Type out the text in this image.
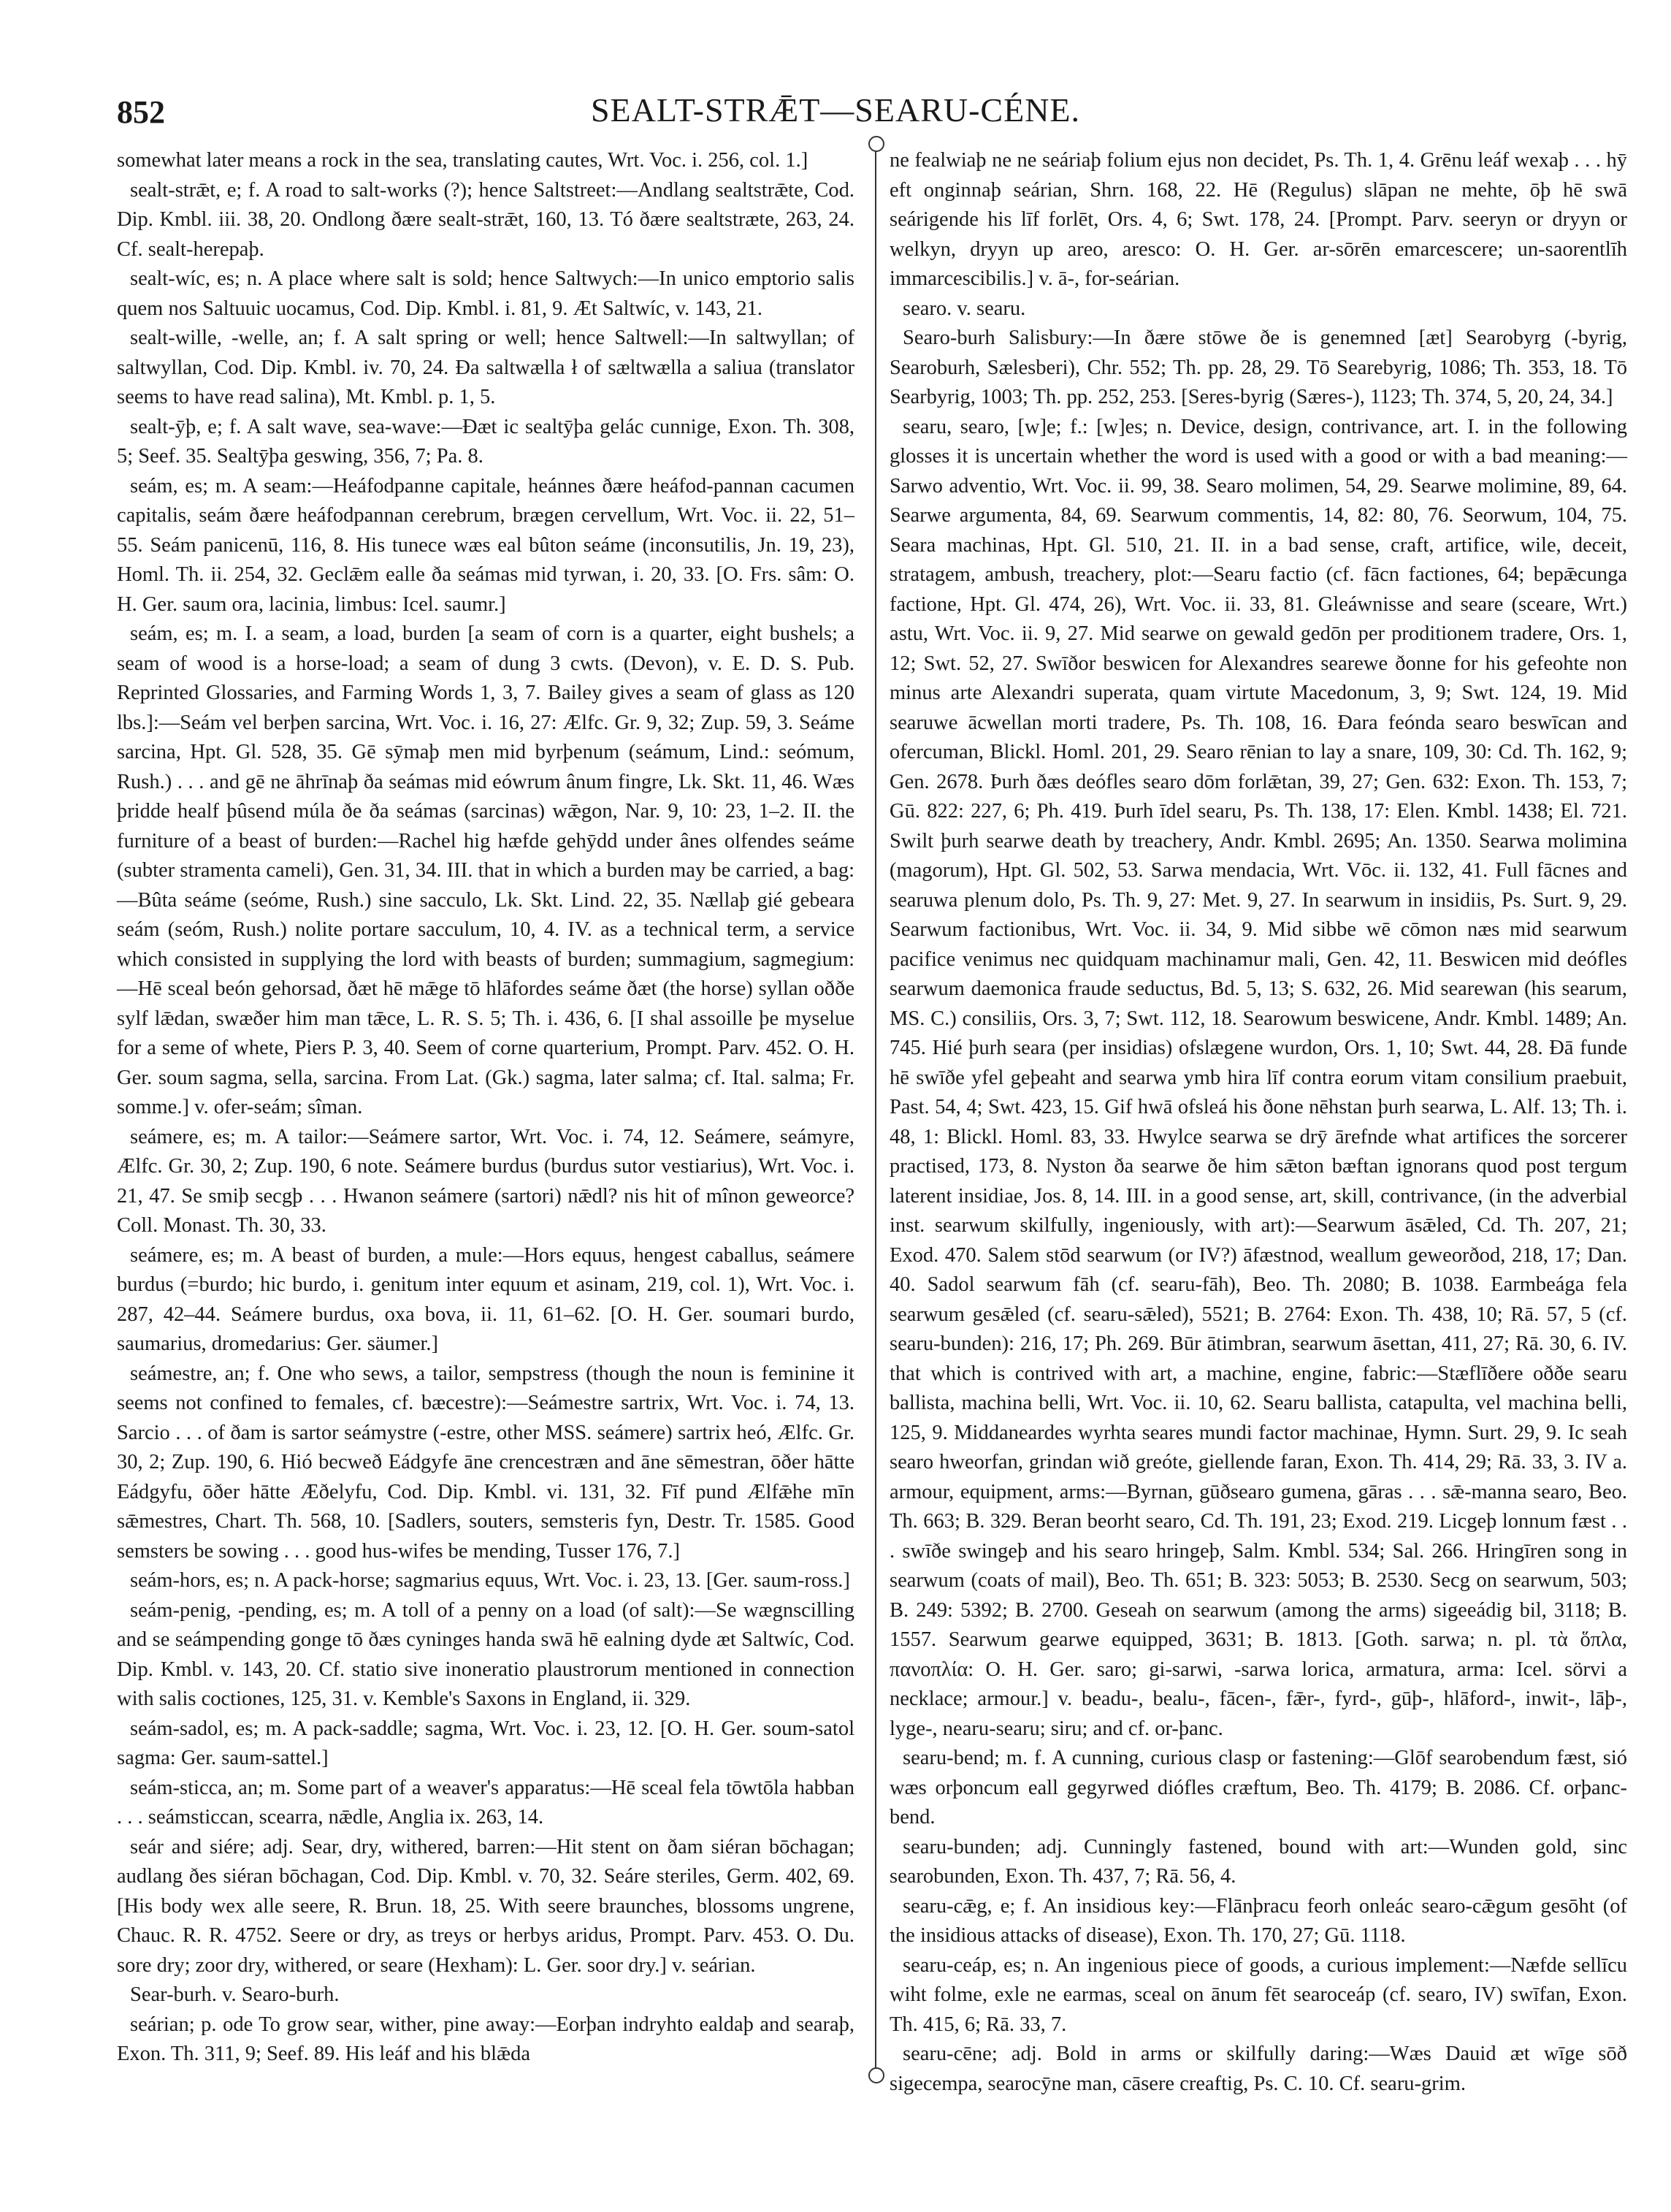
852	SEALT-STRǢT—SEARU-CÉNE.

somewhat later means a rock in the sea, translating cautes, Wrt. Voc. i. 256, col. 1.]

sealt-strǣt, e; f. A road to salt-works (?); hence Saltstreet:—Andlang sealtstrǣte, Cod. Dip. Kmbl. iii. 38, 20. Ondlong ðære sealt-strǣt, 160, 13. Tó ðære sealtstræte, 263, 24. Cf. sealt-herepaþ.

sealt-wíc, es; n. A place where salt is sold; hence Saltwych:—In unico emptorio salis quem nos Saltuuic uocamus, Cod. Dip. Kmbl. i. 81, 9. Æt Saltwíc, v. 143, 21.

sealt-wille, -welle, an; f. A salt spring or well; hence Saltwell:—In saltwyllan; of saltwyllan, Cod. Dip. Kmbl. iv. 70, 24. Ða saltwælla ł of sæltwælla a saliua (translator seems to have read salina), Mt. Kmbl. p. 1, 5.

sealt-ȳþ, e; f. A salt wave, sea-wave:—Ðæt ic sealtȳþa gelác cunnige, Exon. Th. 308, 5; Seef. 35. Sealtȳþa geswing, 356, 7; Pa. 8.

seám, es; m. A seam:—Heáfodpanne capitale, heánnes ðære heáfod-pannan cacumen capitalis, seám ðære heáfodpannan cerebrum, brægen cervellum, Wrt. Voc. ii. 22, 51–55. Seám panicenū, 116, 8. His tunece wæs eal bûton seáme (inconsutilis, Jn. 19, 23), Homl. Th. ii. 254, 32. Geclǣm ealle ða seámas mid tyrwan, i. 20, 33. [O. Frs. sâm: O. H. Ger. saum ora, lacinia, limbus: Icel. saumr.]

seám, es; m. I. a seam, a load, burden [a seam of corn is a quarter, eight bushels; a seam of wood is a horse-load; a seam of dung 3 cwts. (Devon), v. E. D. S. Pub. Reprinted Glossaries, and Farming Words 1, 3, 7. Bailey gives a seam of glass as 120 lbs.]:—Seám vel berþen sarcina, Wrt. Voc. i. 16, 27: Ælfc. Gr. 9, 32; Zup. 59, 3. Seáme sarcina, Hpt. Gl. 528, 35. Gē sȳmaþ men mid byrþenum (seámum, Lind.: seómum, Rush.) . . . and gē ne āhrīnaþ ða seámas mid eówrum ânum fingre, Lk. Skt. 11, 46. Wæs þridde healf þûsend múla ðe ða seámas (sarcinas) wǣgon, Nar. 9, 10: 23, 1–2. II. the furniture of a beast of burden:—Rachel hig hæfde gehȳdd under ânes olfendes seáme (subter stramenta cameli), Gen. 31, 34. III. that in which a burden may be carried, a bag:—Bûta seáme (seóme, Rush.) sine sacculo, Lk. Skt. Lind. 22, 35. Nællaþ gié gebeara seám (seóm, Rush.) nolite portare sacculum, 10, 4. IV. as a technical term, a service which consisted in supplying the lord with beasts of burden; summagium, sagmegium:—Hē sceal beón gehorsad, ðæt hē mǣge tō hlāfordes seáme ðæt (the horse) syllan oððe sylf lǣdan, swæðer him man tǣce, L. R. S. 5; Th. i. 436, 6. [I shal assoille þe myselue for a seme of whete, Piers P. 3, 40. Seem of corne quarterium, Prompt. Parv. 452. O. H. Ger. soum sagma, sella, sarcina. From Lat. (Gk.) sagma, later salma; cf. Ital. salma; Fr. somme.] v. ofer-seám; sîman.

seámere, es; m. A tailor:—Seámere sartor, Wrt. Voc. i. 74, 12. Seámere, seámyre, Ælfc. Gr. 30, 2; Zup. 190, 6 note. Seámere burdus (burdus sutor vestiarius), Wrt. Voc. i. 21, 47. Se smiþ secgþ . . . Hwanon seámere (sartori) nǣdl? nis hit of mînon geweorce? Coll. Monast. Th. 30, 33.

seámere, es; m. A beast of burden, a mule:—Hors equus, hengest caballus, seámere burdus (=burdo; hic burdo, i. genitum inter equum et asinam, 219, col. 1), Wrt. Voc. i. 287, 42–44. Seámere burdus, oxa bova, ii. 11, 61–62. [O. H. Ger. soumari burdo, saumarius, dromedarius: Ger. säumer.]

seámestre, an; f. One who sews, a tailor, sempstress (though the noun is feminine it seems not confined to females, cf. bæcestre):—Seámestre sartrix, Wrt. Voc. i. 74, 13. Sarcio . . . of ðam is sartor seámystre (-estre, other MSS. seámere) sartrix heó, Ælfc. Gr. 30, 2; Zup. 190, 6. Hió becweð Eádgyfe āne crencestræn and āne sēmestran, ōðer hātte Eádgyfu, ōðer hātte Æðelyfu, Cod. Dip. Kmbl. vi. 131, 32. Fīf pund Ælfǣhe mīn sǣmestres, Chart. Th. 568, 10. [Sadlers, souters, semsteris fyn, Destr. Tr. 1585. Good semsters be sowing . . . good hus-wifes be mending, Tusser 176, 7.]

seám-hors, es; n. A pack-horse; sagmarius equus, Wrt. Voc. i. 23, 13. [Ger. saum-ross.]

seám-penig, -pending, es; m. A toll of a penny on a load (of salt):—Se wægnscilling and se seámpending gonge tō ðæs cyninges handa swā hē ealning dyde æt Saltwíc, Cod. Dip. Kmbl. v. 143, 20. Cf. statio sive inoneratio plaustrorum mentioned in connection with salis coctiones, 125, 31. v. Kemble's Saxons in England, ii. 329.

seám-sadol, es; m. A pack-saddle; sagma, Wrt. Voc. i. 23, 12. [O. H. Ger. soum-satol sagma: Ger. saum-sattel.]

seám-sticca, an; m. Some part of a weaver's apparatus:—Hē sceal fela tōwtōla habban . . . seámsticcan, scearra, nǣdle, Anglia ix. 263, 14.

seár and siére; adj. Sear, dry, withered, barren:—Hit stent on ðam siéran bōchagan; audlang ðes siéran bōchagan, Cod. Dip. Kmbl. v. 70, 32. Seáre steriles, Germ. 402, 69. [His body wex alle seere, R. Brun. 18, 25. With seere braunches, blossoms ungrene, Chauc. R. R. 4752. Seere or dry, as treys or herbys aridus, Prompt. Parv. 453. O. Du. sore dry; zoor dry, withered, or seare (Hexham): L. Ger. soor dry.] v. seárian.

Sear-burh. v. Searo-burh.

seárian; p. ode To grow sear, wither, pine away:—Eorþan indryhto ealdaþ and searaþ, Exon. Th. 311, 9; Seef. 89. His leáf and his blǣda

ne fealwiaþ ne ne seáriaþ folium ejus non decidet, Ps. Th. 1, 4. Grēnu leáf wexaþ . . . hȳ eft onginnaþ seárian, Shrn. 168, 22. Hē (Regulus) slāpan ne mehte, ōþ hē swā seárigende his līf forlēt, Ors. 4, 6; Swt. 178, 24. [Prompt. Parv. seeryn or dryyn or welkyn, dryyn up areo, aresco: O. H. Ger. ar-sōrēn emarcescere; un-saorentlīh immarcescibilis.] v. ā-, for-seárian.

searo. v. searu.

Searo-burh Salisbury:—In ðære stōwe ðe is genemned [æt] Searobyrg (-byrig, Searoburh, Sælesberi), Chr. 552; Th. pp. 28, 29. Tō Searebyrig, 1086; Th. 353, 18. Tō Searbyrig, 1003; Th. pp. 252, 253. [Seres-byrig (Særes-), 1123; Th. 374, 5, 20, 24, 34.]

searu, searo, [w]e; f.: [w]es; n. Device, design, contrivance, art. I. in the following glosses it is uncertain whether the word is used with a good or with a bad meaning:—Sarwo adventio, Wrt. Voc. ii. 99, 38. Searo molimen, 54, 29. Searwe molimine, 89, 64. Searwe argumenta, 84, 69. Searwum commentis, 14, 82: 80, 76. Seorwum, 104, 75. Seara machinas, Hpt. Gl. 510, 21. II. in a bad sense, craft, artifice, wile, deceit, stratagem, ambush, treachery, plot:—Searu factio (cf. fācn factiones, 64; bepǣcunga factione, Hpt. Gl. 474, 26), Wrt. Voc. ii. 33, 81. Gleáwnisse and seare (sceare, Wrt.) astu, Wrt. Voc. ii. 9, 27. Mid searwe on gewald gedōn per proditionem tradere, Ors. 1, 12; Swt. 52, 27. Swīðor beswicen for Alexandres searewe ðonne for his gefeohte non minus arte Alexandri superata, quam virtute Macedonum, 3, 9; Swt. 124, 19. Mid searuwe ācwellan morti tradere, Ps. Th. 108, 16. Ðara feónda searo beswīcan and ofercuman, Blickl. Homl. 201, 29. Searo rēnian to lay a snare, 109, 30: Cd. Th. 162, 9; Gen. 2678. Þurh ðæs deófles searo dōm forlǣtan, 39, 27; Gen. 632: Exon. Th. 153, 7; Gū. 822: 227, 6; Ph. 419. Þurh īdel searu, Ps. Th. 138, 17: Elen. Kmbl. 1438; El. 721. Swilt þurh searwe death by treachery, Andr. Kmbl. 2695; An. 1350. Searwa molimina (magorum), Hpt. Gl. 502, 53. Sarwa mendacia, Wrt. Vōc. ii. 132, 41. Full fācnes and searuwa plenum dolo, Ps. Th. 9, 27: Met. 9, 27. In searwum in insidiis, Ps. Surt. 9, 29. Searwum factionibus, Wrt. Voc. ii. 34, 9. Mid sibbe wē cōmon næs mid searwum pacifice venimus nec quidquam machinamur mali, Gen. 42, 11. Beswicen mid deófles searwum daemonica fraude seductus, Bd. 5, 13; S. 632, 26. Mid searewan (his searum, MS. C.) consiliis, Ors. 3, 7; Swt. 112, 18. Searowum beswicene, Andr. Kmbl. 1489; An. 745. Hié þurh seara (per insidias) ofslægene wurdon, Ors. 1, 10; Swt. 44, 28. Ðā funde hē swīðe yfel geþeaht and searwa ymb hira līf contra eorum vitam consilium praebuit, Past. 54, 4; Swt. 423, 15. Gif hwā ofsleá his ðone nēhstan þurh searwa, L. Alf. 13; Th. i. 48, 1: Blickl. Homl. 83, 33. Hwylce searwa se drȳ ārefnde what artifices the sorcerer practised, 173, 8. Nyston ða searwe ðe him sǣton bæftan ignorans quod post tergum laterent insidiae, Jos. 8, 14. III. in a good sense, art, skill, contrivance, (in the adverbial inst. searwum skilfully, ingeniously, with art):—Searwum āsǣled, Cd. Th. 207, 21; Exod. 470. Salem stōd searwum (or IV?) āfæstnod, weallum geweorðod, 218, 17; Dan. 40. Sadol searwum fāh (cf. searu-fāh), Beo. Th. 2080; B. 1038. Earmbeága fela searwum gesǣled (cf. searu-sǣled), 5521; B. 2764: Exon. Th. 438, 10; Rā. 57, 5 (cf. searu-bunden): 216, 17; Ph. 269. Būr ātimbran, searwum āsettan, 411, 27; Rā. 30, 6. IV. that which is contrived with art, a machine, engine, fabric:—Stæflīðere oððe searu ballista, machina belli, Wrt. Voc. ii. 10, 62. Searu ballista, catapulta, vel machina belli, 125, 9. Middaneardes wyrhta seares mundi factor machinae, Hymn. Surt. 29, 9. Ic seah searo hweorfan, grindan wið greóte, giellende faran, Exon. Th. 414, 29; Rā. 33, 3. IV a. armour, equipment, arms:—Byrnan, gūðsearo gumena, gāras . . . sǣ-manna searo, Beo. Th. 663; B. 329. Beran beorht searo, Cd. Th. 191, 23; Exod. 219. Licgeþ lonnum fæst . . . swīðe swingeþ and his searo hringeþ, Salm. Kmbl. 534; Sal. 266. Hringīren song in searwum (coats of mail), Beo. Th. 651; B. 323: 5053; B. 2530. Secg on searwum, 503; B. 249: 5392; B. 2700. Geseah on searwum (among the arms) sigeeádig bil, 3118; B. 1557. Searwum gearwe equipped, 3631; B. 1813. [Goth. sarwa; n. pl. τὰ ὅπλα, πανοπλία: O. H. Ger. saro; gi-sarwi, -sarwa lorica, armatura, arma: Icel. sörvi a necklace; armour.] v. beadu-, bealu-, fācen-, fǣr-, fyrd-, gūþ-, hlāford-, inwit-, lāþ-, lyge-, nearu-searu; siru; and cf. or-þanc.

searu-bend; m. f. A cunning, curious clasp or fastening:—Glōf searobendum fæst, sió wæs orþoncum eall gegyrwed diófles cræftum, Beo. Th. 4179; B. 2086. Cf. orþanc-bend.

searu-bunden; adj. Cunningly fastened, bound with art:—Wunden gold, sinc searobunden, Exon. Th. 437, 7; Rā. 56, 4.

searu-cǣg, e; f. An insidious key:—Flānþracu feorh onleác searo-cǣgum gesōht (of the insidious attacks of disease), Exon. Th. 170, 27; Gū. 1118.

searu-ceáp, es; n. An ingenious piece of goods, a curious implement:—Næfde sellīcu wiht folme, exle ne earmas, sceal on ānum fēt searoceáp (cf. searo, IV) swīfan, Exon. Th. 415, 6; Rā. 33, 7.

searu-cēne; adj. Bold in arms or skilfully daring:—Wæs Dauid æt wīge sōð sigecempa, searocȳne man, cāsere creaftig, Ps. C. 10. Cf. searu-grim.
